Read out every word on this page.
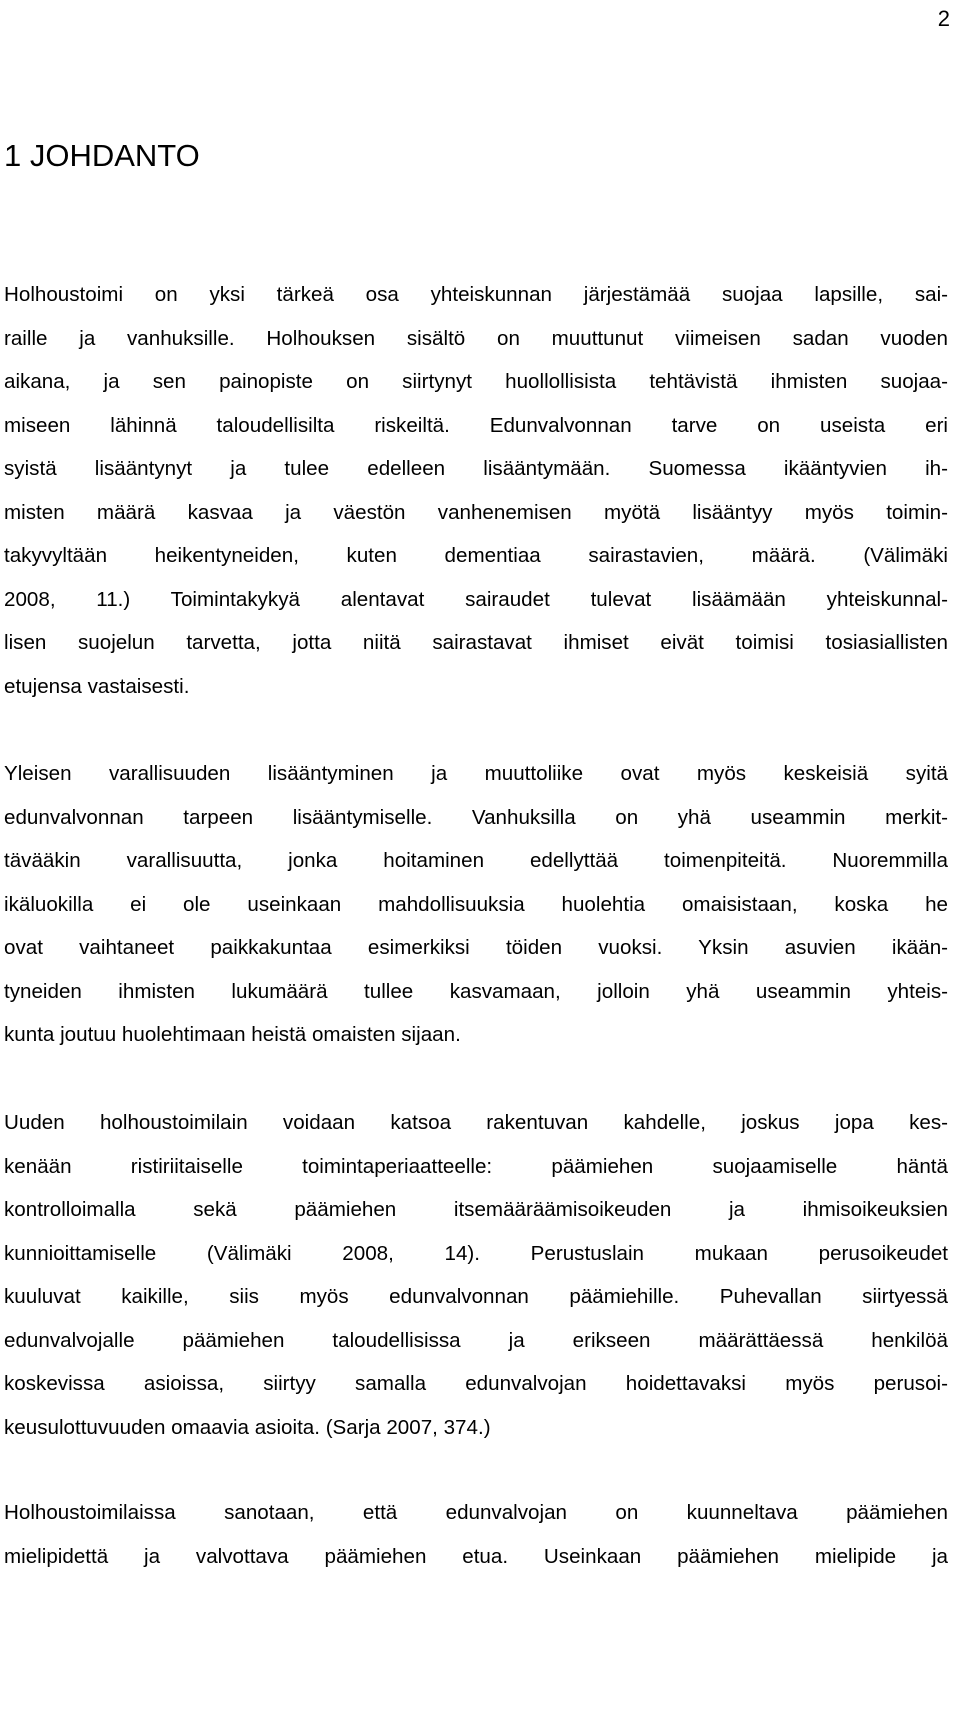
2
1 JOHDANTO
Holhoustoimi on yksi tärkeä osa yhteiskunnan järjestämää suojaa lapsille, sai-
raille ja vanhuksille. Holhouksen sisältö on muuttunut viimeisen sadan vuoden
aikana, ja sen painopiste on siirtynyt huollollisista tehtävistä ihmisten suojaa-
miseen lähinnä taloudellisilta riskeiltä. Edunvalvonnan tarve on useista eri
syistä lisääntynyt ja tulee edelleen lisääntymään. Suomessa ikääntyvien ih-
misten määrä kasvaa ja väestön vanhenemisen myötä lisääntyy myös toimin-
takyvyltään heikentyneiden, kuten dementiaa sairastavien, määrä. (Välimäki
2008, 11.) Toimintakykyä alentavat sairaudet tulevat lisäämään yhteiskunnal-
lisen suojelun tarvetta, jotta niitä sairastavat ihmiset eivät toimisi tosiasiallisten
etujensa vastaisesti.
Yleisen varallisuuden lisääntyminen ja muuttoliike ovat myös keskeisiä syitä
edunvalvonnan tarpeen lisääntymiselle. Vanhuksilla on yhä useammin merkit-
tävääkin varallisuutta, jonka hoitaminen edellyttää toimenpiteitä. Nuoremmilla
ikäluokilla ei ole useinkaan mahdollisuuksia huolehtia omaisistaan, koska he
ovat vaihtaneet paikkakuntaa esimerkiksi töiden vuoksi. Yksin asuvien ikään-
tyneiden ihmisten lukumäärä tullee kasvamaan, jolloin yhä useammin yhteis-
kunta joutuu huolehtimaan heistä omaisten sijaan.
Uuden holhoustoimilain voidaan katsoa rakentuvan kahdelle, joskus jopa kes-
kenään ristiriitaiselle toimintaperiaatteelle: päämiehen suojaamiselle häntä
kontrolloimalla sekä päämiehen itsemääräämisoikeuden ja ihmisoikeuksien
kunnioittamiselle (Välimäki 2008, 14). Perustuslain mukaan perusoikeudet
kuuluvat kaikille, siis myös edunvalvonnan päämiehille. Puhevallan siirtyessä
edunvalvojalle päämiehen taloudellisissa ja erikseen määrättäessä henkilöä
koskevissa asioissa, siirtyy samalla edunvalvojan hoidettavaksi myös perusoi-
keusulottuvuuden omaavia asioita. (Sarja 2007, 374.)
Holhoustoimilaissa sanotaan, että edunvalvojan on kuunneltava päämiehen
mielipidettä ja valvottava päämiehen etua. Useinkaan päämiehen mielipide ja
